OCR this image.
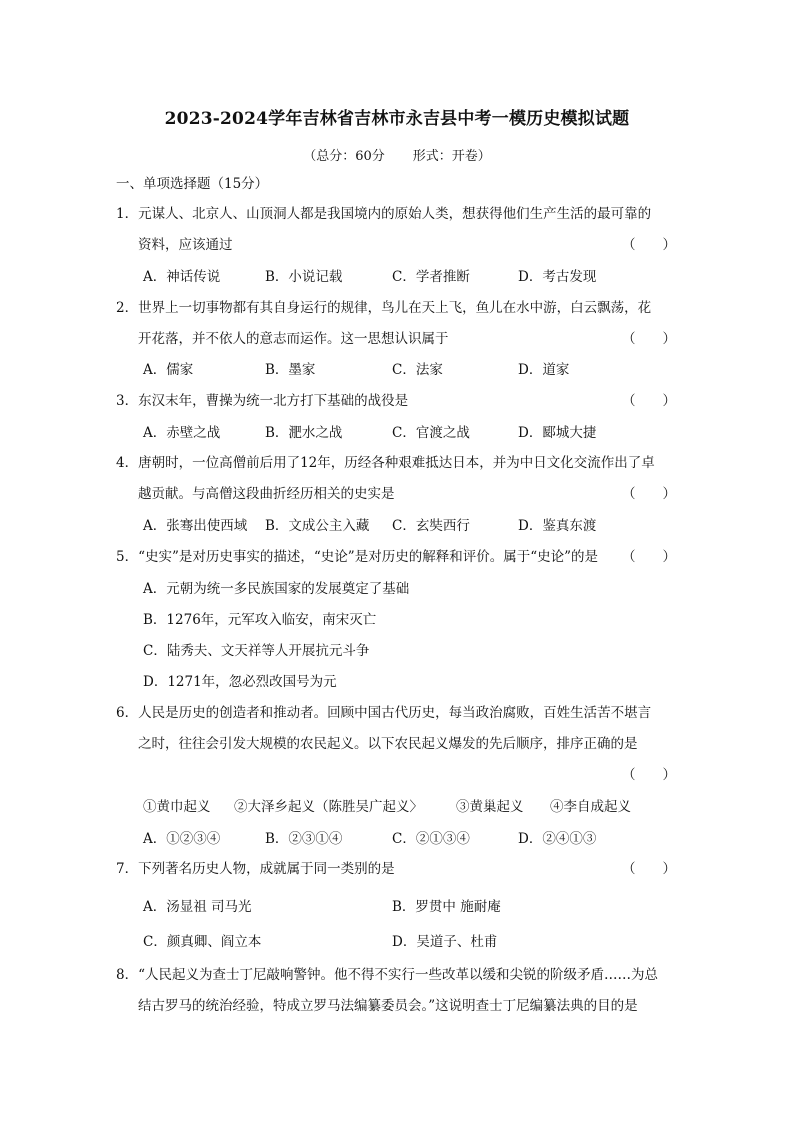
2023-2024学年吉林省吉林市永吉县中考一模历史模拟试题
（总分：60分 形式：开卷）
一、单项选择题（15分）
1．元谋人、北京人、山顶洞人都是我国境内的原始人类，想获得他们生产生活的最可靠的
资料，应该通过	（　　）
A．神话传说	B．小说记载	C．学者推断	D．考古发现
2．世界上一切事物都有其自身运行的规律，鸟儿在天上飞，鱼儿在水中游，白云飘荡，花
开花落，并不依人的意志而运作。这一思想认识属于	（　　）
A．儒家	B．墨家	C．法家	D．道家
3．东汉末年，曹操为统一北方打下基础的战役是	（　　）
A．赤壁之战	B．淝水之战	C．官渡之战	D．郾城大捷
4．唐朝时，一位高僧前后用了12年，历经各种艰难抵达日本，并为中日文化交流作出了卓
越贡献。与高僧这段曲折经历相关的史实是	（　　）
A．张骞出使西域 B．文成公主入藏 C．玄奘西行	D．鉴真东渡
5．“史实”是对历史事实的描述，“史论”是对历史的解释和评价。属于“史论”的是 （　　）
A．元朝为统一多民族国家的发展奠定了基础
B．1276年，元军攻入临安，南宋灭亡
C．陆秀夫、文天祥等人开展抗元斗争
D．1271年，忽必烈改国号为元
6．人民是历史的创造者和推动者。回顾中国古代历史，每当政治腐败，百姓生活苦不堪言
之时，往往会引发大规模的农民起义。以下农民起义爆发的先后顺序，排序正确的是
（　　）
①黄巾起义 ②大泽乡起义（陈胜吴广起义〉 ③黄巢起义 ④李自成起义
A．①②③④	B．②③①④	C．②①③④	D．②④①③
7．下列著名历史人物，成就属于同一类别的是	（　　）
A．汤显祖 司马光	B．罗贯中 施耐庵
C．颜真卿、阎立本	D．吴道子、杜甫
8．“人民起义为查士丁尼敲响警钟。他不得不实行一些改革以缓和尖锐的阶级矛盾……为总
结古罗马的统治经验，特成立罗马法编纂委员会。”这说明查士丁尼编纂法典的目的是
